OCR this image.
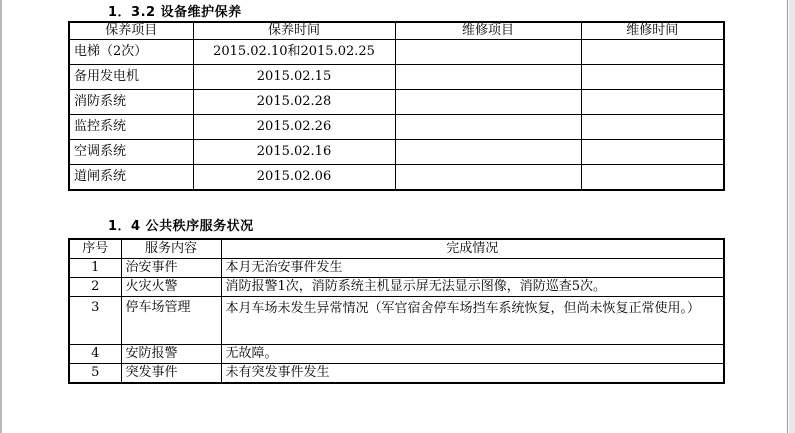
1．3.2 设备维护保养
保养项目	保养时间	维修项目	维修时间
电梯（2次）	2015.02.10和2015.02.25		
备用发电机	2015.02.15		
消防系统	2015.02.28		
监控系统	2015.02.26		
空调系统	2015.02.16		
道闸系统	2015.02.06		
1．4 公共秩序服务状况
序号	服务内容	完成情况
1	治安事件	本月无治安事件发生
2	火灾火警	消防报警1次，消防系统主机显示屏无法显示图像，消防巡查5次。
3	停车场管理	本月车场未发生异常情况（军官宿舍停车场挡车系统恢复，但尚未恢复正常使用。）
4	安防报警	无故障。
5	突发事件	未有突发事件发生
